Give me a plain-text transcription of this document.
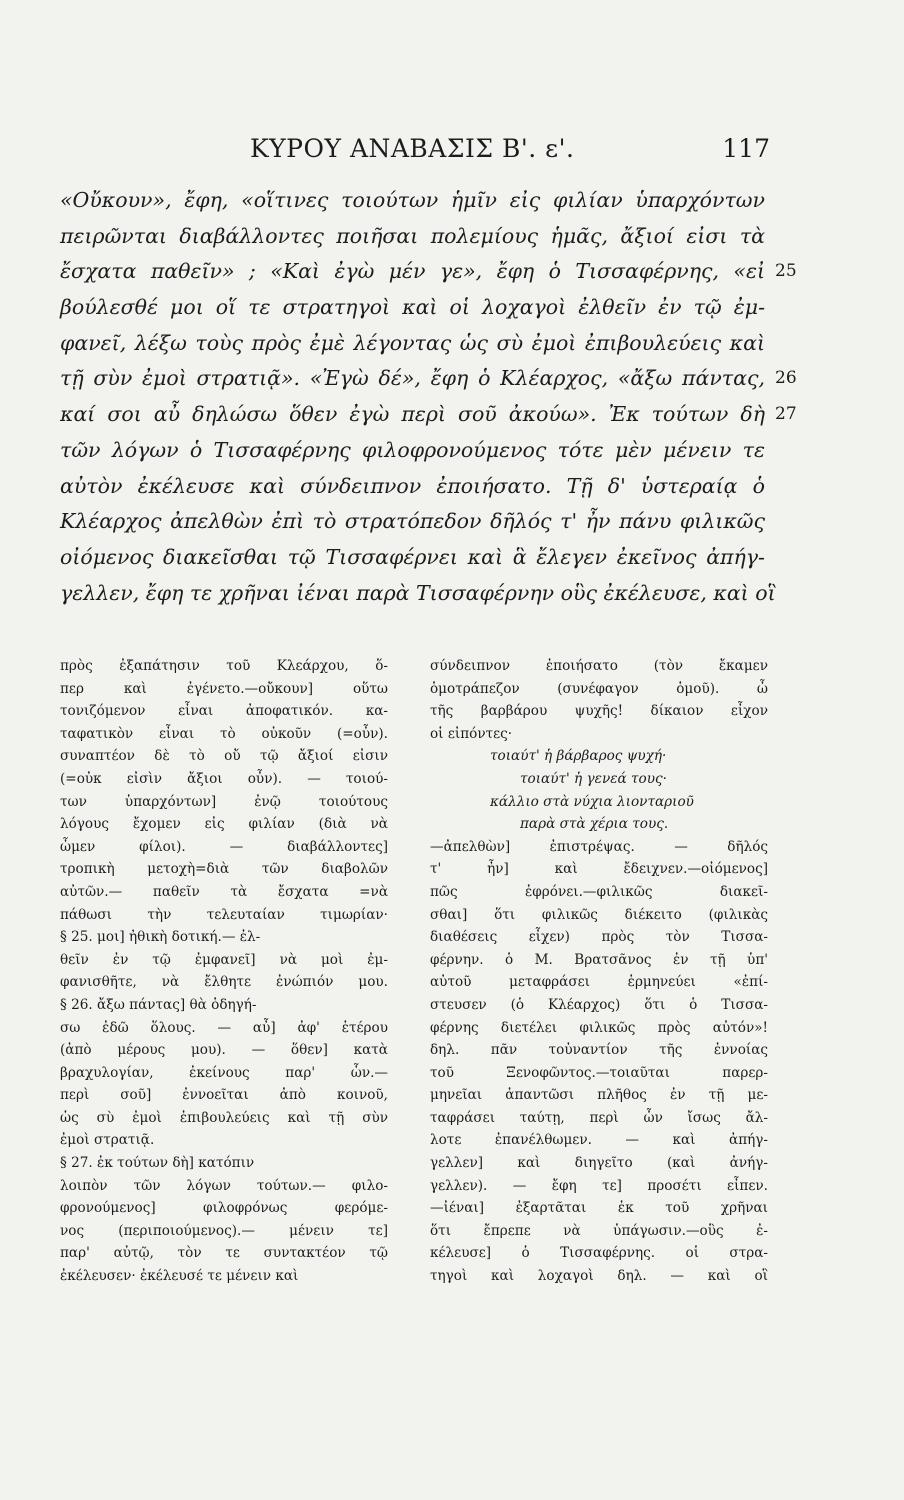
ΚΥΡΟΥ ΑΝΑΒΑΣΙΣ Β'. ε'.	117
«Οὔκουν», ἔφη, «οἵτινες τοιούτων ἡμῖν εἰς φιλίαν ὑπαρχόντων
πειρῶνται διαβάλλοντες ποιῆσαι πολεμίους ἡμᾶς, ἄξιοί εἰσι τὰ
ἔσχατα παθεῖν» ; «Καὶ ἐγὼ μέν γε», ἔφη ὁ Τισσαφέρνης, «εἰ 25
βούλεσθέ μοι οἵ τε στρατηγοὶ καὶ οἱ λοχαγοὶ ἐλθεῖν ἐν τῷ ἐμ-
φανεῖ, λέξω τοὺς πρὸς ἐμὲ λέγοντας ὡς σὺ ἐμοὶ ἐπιβουλεύεις καὶ
τῇ σὺν ἐμοὶ στρατιᾷ». «Ἐγὼ δέ», ἔφη ὁ Κλέαρχος, «ἄξω πάντας, 26
καί σοι αὖ δηλώσω ὅθεν ἐγὼ περὶ σοῦ ἀκούω». Ἐκ τούτων δὴ 27
τῶν λόγων ὁ Τισσαφέρνης φιλοφρονούμενος τότε μὲν μένειν τε
αὐτὸν ἐκέλευσε καὶ σύνδειπνον ἐποιήσατο. Τῇ δ' ὑστεραίᾳ ὁ
Κλέαρχος ἀπελθὼν ἐπὶ τὸ στρατόπεδον δῆλός τ' ἦν πάνυ φιλικῶς
οἰόμενος διακεῖσθαι τῷ Τισσαφέρνει καὶ ἃ ἔλεγεν ἐκεῖνος ἀπήγ-
γελλεν, ἔφη τε χρῆναι ἰέναι παρὰ Τισσαφέρνην οὓς ἐκέλευσε, καὶ οἳ
πρὸς ἐξαπάτησιν τοῦ Κλεάρχου, ὅ-
περ καὶ ἐγένετο.—οὔκουν] οὕτω
τονιζόμενον εἶναι ἀποφατικόν. κα-
ταφατικὸν εἶναι τὸ οὐκοῦν (=οὖν).
συναπτέον δὲ τὸ οὔ τῷ ἄξιοί εἰσιν
(=οὐκ εἰσὶν ἄξιοι οὖν). — τοιού-
των ὑπαρχόντων] ἐνῷ τοιούτους
λόγους ἔχομεν εἰς φιλίαν (διὰ νὰ
ὦμεν φίλοι). — διαβάλλοντες]
τροπικὴ μετοχὴ=διὰ τῶν διαβολῶν
αὐτῶν.— παθεῖν τὰ ἔσχατα =νὰ
πάθωσι τὴν τελευταίαν τιμωρίαν·
§ 25. μοι] ἠθικὴ δοτική.— ἐλ-
θεῖν ἐν τῷ ἐμφανεῖ] νὰ μοὶ ἐμ-
φανισθῆτε, νὰ ἔλθητε ἐνώπιόν μου.
§ 26. ἄξω πάντας] θὰ ὁδηγή-
σω ἐδῶ ὅλους. — αὖ] ἀφ' ἑτέρου
(ἀπὸ μέρους μου). — ὅθεν] κατὰ
βραχυλογίαν, ἐκείνους παρ' ὧν.—
περὶ σοῦ] ἐννοεῖται ἀπὸ κοινοῦ,
ὡς σὺ ἐμοὶ ἐπιβουλεύεις καὶ τῇ σὺν
ἐμοὶ στρατιᾷ.
§ 27. ἐκ τούτων δὴ] κατόπιν
λοιπὸν τῶν λόγων τούτων.— φιλο-
φρονούμενος] φιλοφρόνως φερόμε-
νος (περιποιούμενος).— μένειν τε]
παρ' αὐτῷ, τὸν τε συντακτέον τῷ
ἐκέλευσεν· ἐκέλευσέ τε μένειν καὶ
σύνδειπνον ἐποιήσατο (τὸν ἔκαμεν
ὁμοτράπεζον (συνέφαγον ὁμοῦ). ὦ
τῆς βαρβάρου ψυχῆς! δίκαιον εἶχον
οἱ εἰπόντες·
τοιαύτ' ἡ βάρβαρος ψυχή·
τοιαύτ' ἡ γενεά τους·
κάλλιο στὰ νύχια λιονταριοῦ
παρὰ στὰ χέρια τους.
—ἀπελθὼν] ἐπιστρέψας. — δῆλός
τ' ἦν] καὶ ἔδειχνεν.—οἰόμενος]
πῶς ἐφρόνει.—φιλικῶς διακεῖ-
σθαι] ὅτι φιλικῶς διέκειτο (φιλικὰς
διαθέσεις εἶχεν) πρὸς τὸν Τισσα-
φέρνην. ὁ Μ. Βρατσᾶνος ἐν τῇ ὑπ'
αὐτοῦ μεταφράσει ἑρμηνεύει «ἐπί-
στευσεν (ὁ Κλέαρχος) ὅτι ὁ Τισσα-
φέρνης διετέλει φιλικῶς πρὸς αὐτόν»!
δηλ. πᾶν τοὐναντίον τῆς ἐννοίας
τοῦ Ξενοφῶντος.—τοιαῦται παρερ-
μηνεῖαι ἀπαντῶσι πλῆθος ἐν τῇ με-
ταφράσει ταύτῃ, περὶ ὧν ἴσως ἄλ-
λοτε ἐπανέλθωμεν. — καὶ ἀπήγ-
γελλεν] καὶ διηγεῖτο (καὶ ἀνήγ-
γελλεν). — ἔφη τε] προσέτι εἶπεν.
—ἰέναι] ἐξαρτᾶται ἐκ τοῦ χρῆναι
ὅτι ἔπρεπε νὰ ὑπάγωσιν.—οὓς ἐ-
κέλευσε] ὁ Τισσαφέρνης. οἱ στρα-
τηγοὶ καὶ λοχαγοὶ δηλ. — καὶ οἳ
